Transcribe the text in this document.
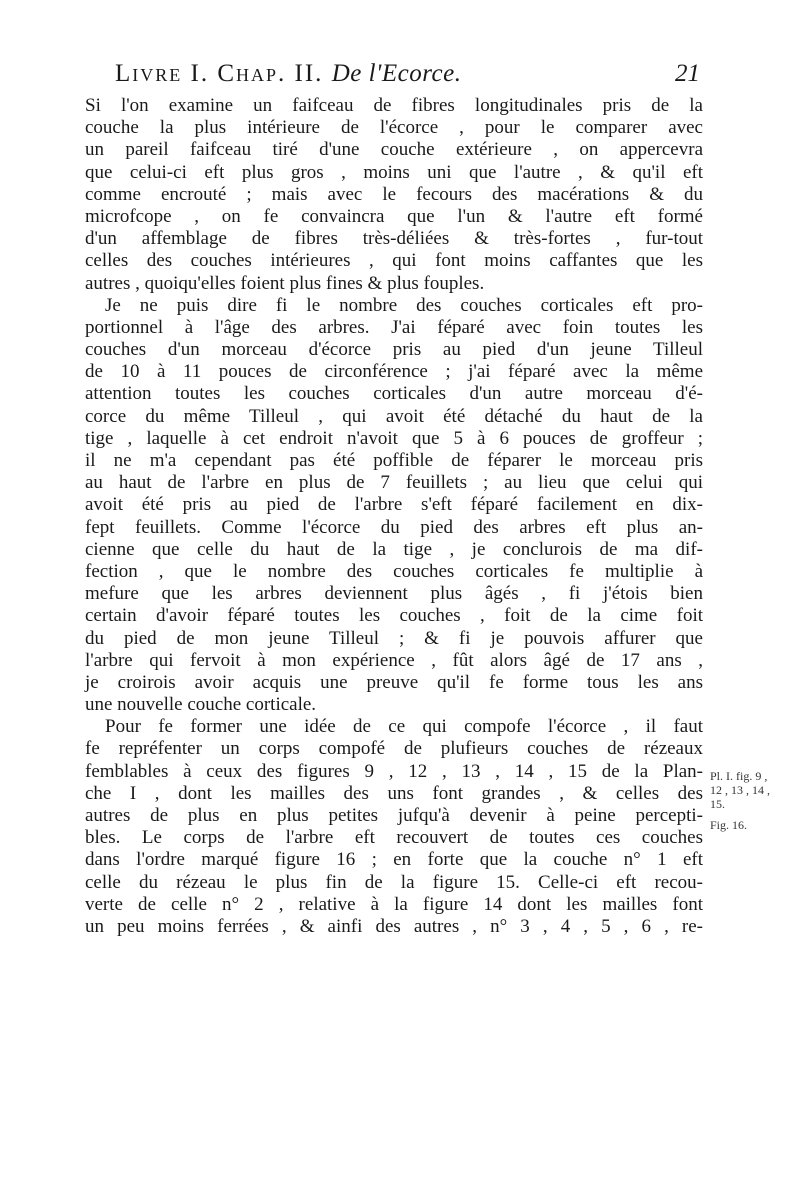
Livre I. Chap. II. De l'Ecorce.	21
Si l'on examine un faifceau de fibres longitudinales pris de la
couche la plus intérieure de l'écorce , pour le comparer avec
un pareil faifceau tiré d'une couche extérieure , on appercevra
que celui-ci eft plus gros , moins uni que l'autre , & qu'il eft
comme encrouté ; mais avec le fecours des macérations & du
microfcope , on fe convaincra que l'un & l'autre eft formé
d'un affemblage de fibres très-déliées & très-fortes , fur-tout
celles des couches intérieures , qui font moins caffantes que les
autres , quoiqu'elles foient plus fines & plus fouples.
Je ne puis dire fi le nombre des couches corticales eft pro-
portionnel à l'âge des arbres. J'ai féparé avec foin toutes les
couches d'un morceau d'écorce pris au pied d'un jeune Tilleul
de 10 à 11 pouces de circonférence ; j'ai féparé avec la même
attention toutes les couches corticales d'un autre morceau d'é-
corce du même Tilleul , qui avoit été détaché du haut de la
tige , laquelle à cet endroit n'avoit que 5 à 6 pouces de groffeur ;
il ne m'a cependant pas été poffible de féparer le morceau pris
au haut de l'arbre en plus de 7 feuillets ; au lieu que celui qui
avoit été pris au pied de l'arbre s'eft féparé facilement en dix-
fept feuillets. Comme l'écorce du pied des arbres eft plus an-
cienne que celle du haut de la tige , je conclurois de ma dif-
fection , que le nombre des couches corticales fe multiplie à
mefure que les arbres deviennent plus âgés , fi j'étois bien
certain d'avoir féparé toutes les couches , foit de la cime foit
du pied de mon jeune Tilleul ; & fi je pouvois affurer que
l'arbre qui fervoit à mon expérience , fût alors âgé de 17 ans ,
je croirois avoir acquis une preuve qu'il fe forme tous les ans
une nouvelle couche corticale.
Pour fe former une idée de ce qui compofe l'écorce , il faut
fe repréfenter un corps compofé de plufieurs couches de rézeaux
femblables à ceux des figures 9 , 12 , 13 , 14 , 15 de la Plan-
che I , dont les mailles des uns font grandes , & celles des
autres de plus en plus petites jufqu'à devenir à peine percepti-
bles. Le corps de l'arbre eft recouvert de toutes ces couches
dans l'ordre marqué figure 16 ; en forte que la couche n° 1 eft
celle du rézeau le plus fin de la figure 15. Celle-ci eft recou-
verte de celle n° 2 , relative à la figure 14 dont les mailles font
un peu moins ferrées , & ainfi des autres , n° 3 , 4 , 5 , 6 , re-
Pl. I. fig. 9 ,
12 , 13 , 14 ,
15.
Fig. 16.
